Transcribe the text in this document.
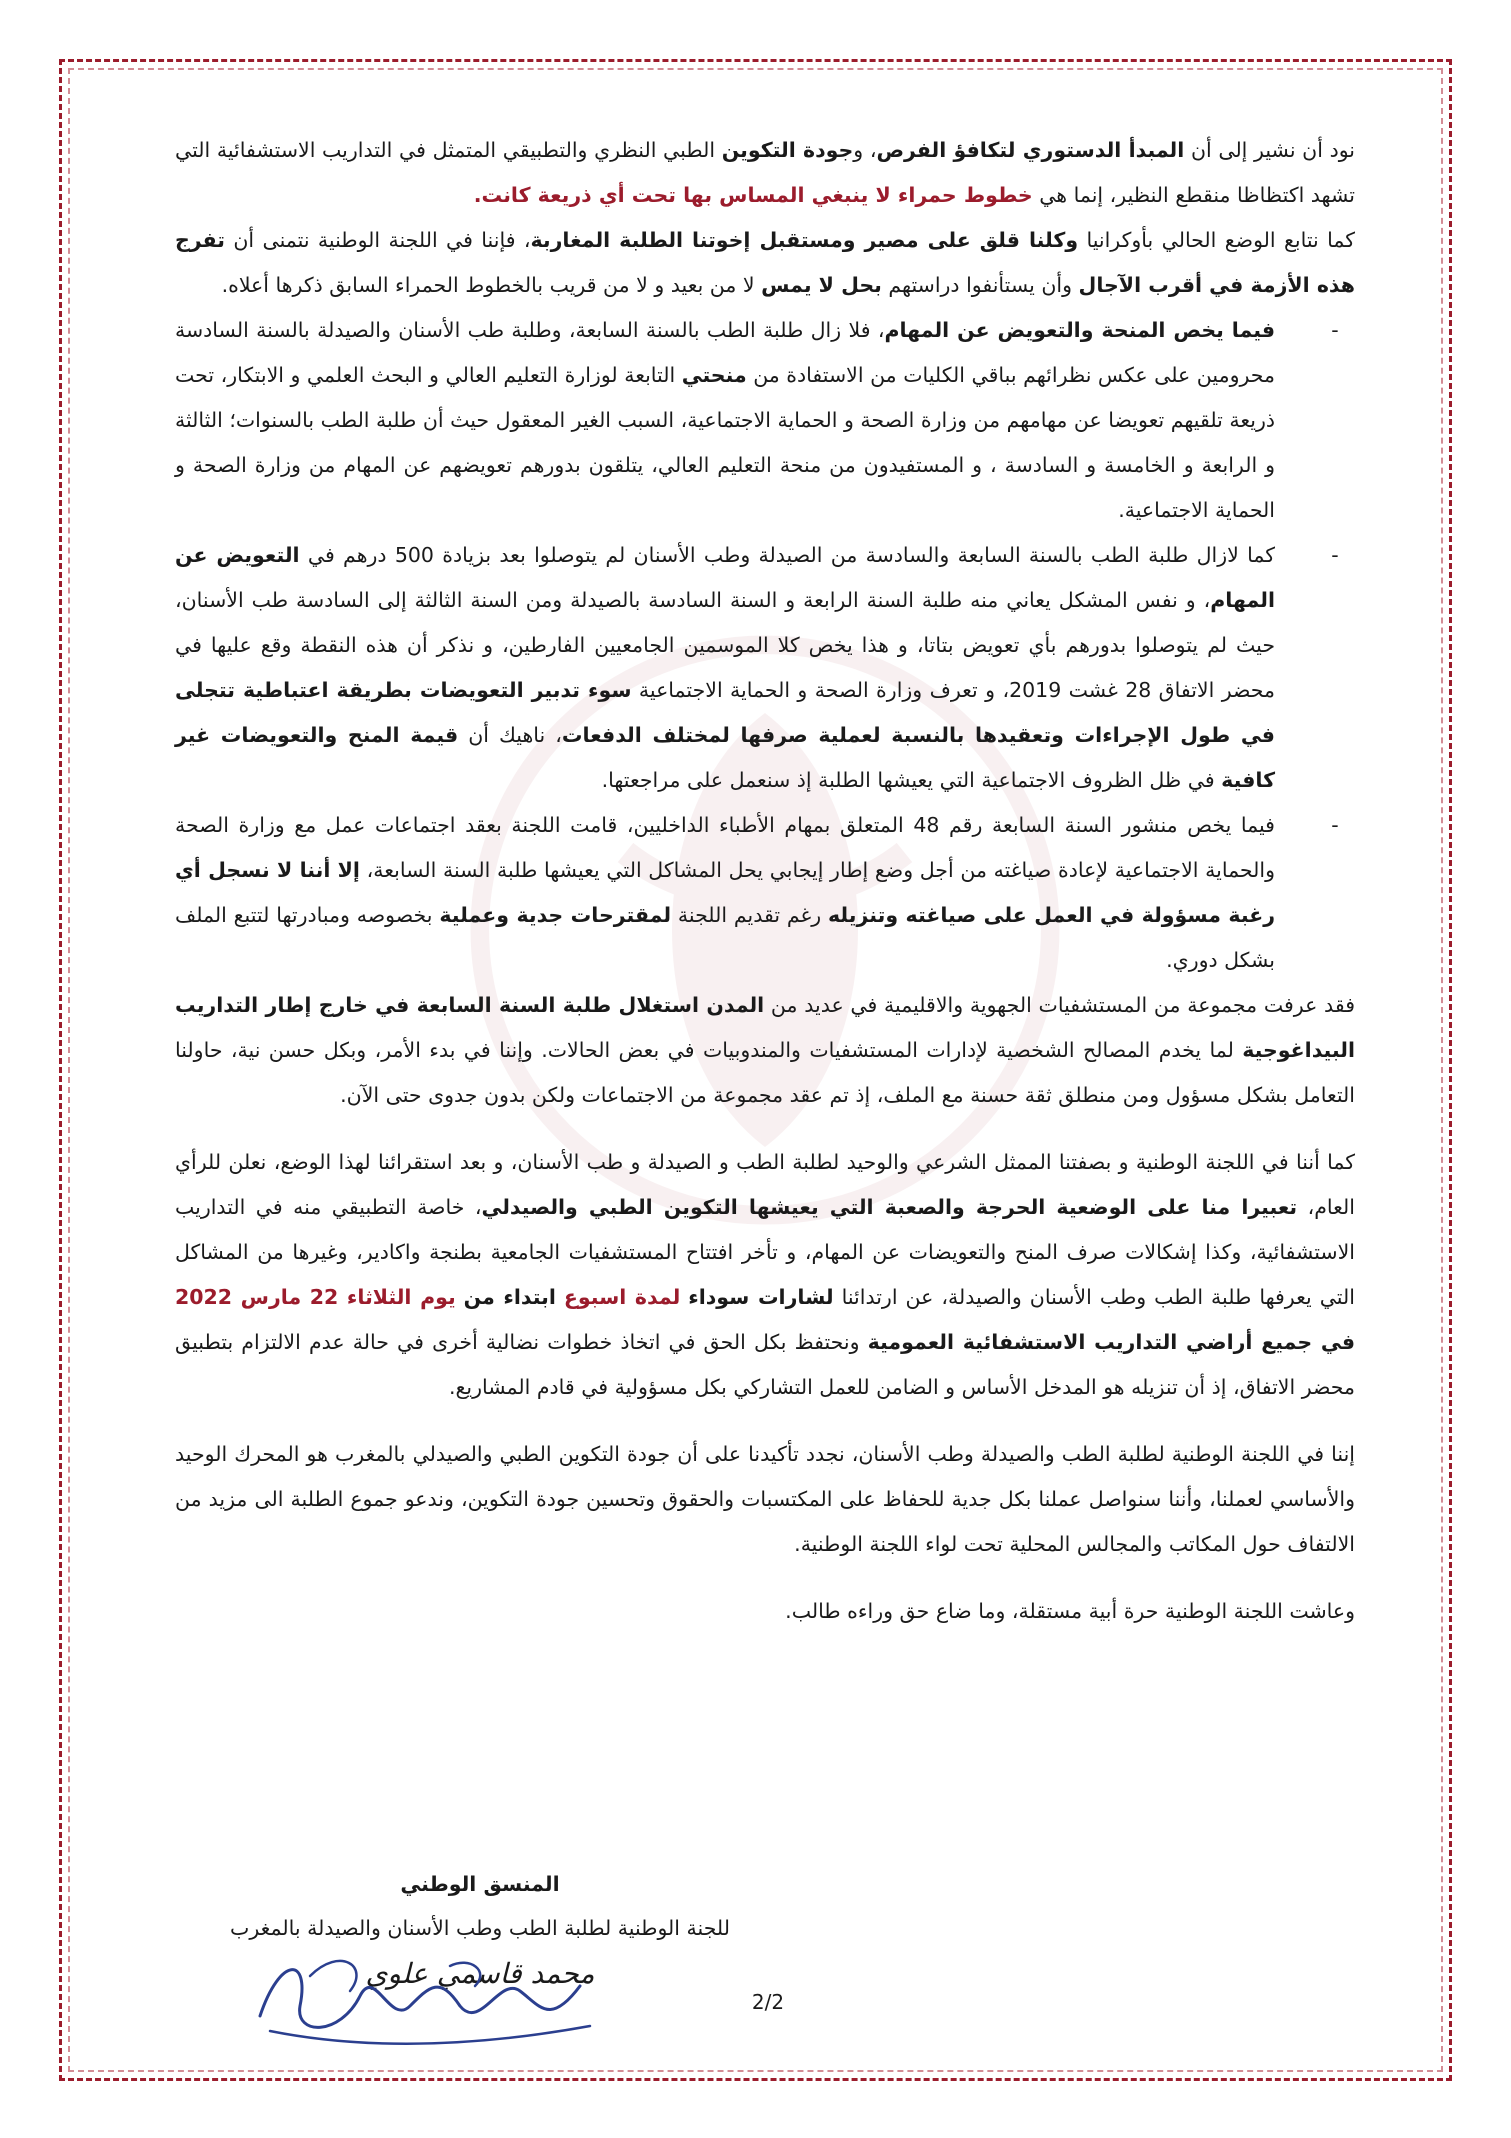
نود أن نشير إلى أن المبدأ الدستوري لتكافؤ الفرص، وجودة التكوين الطبي النظري والتطبيقي المتمثل في التداريب الاستشفائية التي تشهد اكتظاظا منقطع النظير، إنما هي خطوط حمراء لا ينبغي المساس بها تحت أي ذريعة كانت.

كما نتابع الوضع الحالي بأوكرانيا وكلنا قلق على مصير ومستقبل إخوتنا الطلبة المغاربة، فإننا في اللجنة الوطنية نتمنى أن تفرج هذه الأزمة في أقرب الآجال وأن يستأنفوا دراستهم بحل لا يمس لا من بعيد و لا من قريب بالخطوط الحمراء السابق ذكرها أعلاه.

- فيما يخص المنحة والتعويض عن المهام، فلا زال طلبة الطب بالسنة السابعة، وطلبة طب الأسنان والصيدلة بالسنة السادسة محرومين على عكس نظرائهم بباقي الكليات من الاستفادة من منحتي التابعة لوزارة التعليم العالي و البحث العلمي و الابتكار، تحت ذريعة تلقيهم تعويضا عن مهامهم من وزارة الصحة و الحماية الاجتماعية، السبب الغير المعقول حيث أن طلبة الطب بالسنوات؛ الثالثة و الرابعة و الخامسة و السادسة ، و المستفيدون من منحة التعليم العالي، يتلقون بدورهم تعويضهم عن المهام من وزارة الصحة و الحماية الاجتماعية.
- كما لازال طلبة الطب بالسنة السابعة والسادسة من الصيدلة وطب الأسنان لم يتوصلوا بعد بزيادة 500 درهم في التعويض عن المهام، و نفس المشكل يعاني منه طلبة السنة الرابعة و السنة السادسة بالصيدلة ومن السنة الثالثة إلى السادسة طب الأسنان، حيث لم يتوصلوا بدورهم بأي تعويض بتاتا، و هذا يخص كلا الموسمين الجامعيين الفارطين، و نذكر أن هذه النقطة وقع عليها في محضر الاتفاق 28 غشت 2019، و تعرف وزارة الصحة و الحماية الاجتماعية سوء تدبير التعويضات بطريقة اعتباطية تتجلى في طول الإجراءات وتعقيدها بالنسبة لعملية صرفها لمختلف الدفعات، ناهيك أن قيمة المنح والتعويضات غير كافية في ظل الظروف الاجتماعية التي يعيشها الطلبة إذ سنعمل على مراجعتها.
- فيما يخص منشور السنة السابعة رقم 48 المتعلق بمهام الأطباء الداخليين، قامت اللجنة بعقد اجتماعات عمل مع وزارة الصحة والحماية الاجتماعية لإعادة صياغته من أجل وضع إطار إيجابي يحل المشاكل التي يعيشها طلبة السنة السابعة، إلا أننا لا نسجل أي رغبة مسؤولة في العمل على صياغته وتنزيله رغم تقديم اللجنة لمقترحات جدية وعملية بخصوصه ومبادرتها لتتبع الملف بشكل دوري.

فقد عرفت مجموعة من المستشفيات الجهوية والاقليمية في عديد من المدن استغلال طلبة السنة السابعة في خارج إطار التداريب البيداغوجية لما يخدم المصالح الشخصية لإدارات المستشفيات والمندوبيات في بعض الحالات. وإننا في بدء الأمر، وبكل حسن نية، حاولنا التعامل بشكل مسؤول ومن منطلق ثقة حسنة مع الملف، إذ تم عقد مجموعة من الاجتماعات ولكن بدون جدوى حتى الآن.

كما أننا في اللجنة الوطنية و بصفتنا الممثل الشرعي والوحيد لطلبة الطب و الصيدلة و طب الأسنان، و بعد استقرائنا لهذا الوضع، نعلن للرأي العام، تعبيرا منا على الوضعية الحرجة والصعبة التي يعيشها التكوين الطبي والصيدلي، خاصة التطبيقي منه في التداريب الاستشفائية، وكذا إشكالات صرف المنح والتعويضات عن المهام، و تأخر افتتاح المستشفيات الجامعية بطنجة واكادير، وغيرها من المشاكل التي يعرفها طلبة الطب وطب الأسنان والصيدلة، عن ارتدائنا لشارات سوداء لمدة اسبوع ابتداء من يوم الثلاثاء 22 مارس 2022 في جميع أراضي التداريب الاستشفائية العمومية ونحتفظ بكل الحق في اتخاذ خطوات نضالية أخرى في حالة عدم الالتزام بتطبيق محضر الاتفاق، إذ أن تنزيله هو المدخل الأساس و الضامن للعمل التشاركي بكل مسؤولية في قادم المشاريع.

إننا في اللجنة الوطنية لطلبة الطب والصيدلة وطب الأسنان، نجدد تأكيدنا على أن جودة التكوين الطبي والصيدلي بالمغرب هو المحرك الوحيد والأساسي لعملنا، وأننا سنواصل عملنا بكل جدية للحفاظ على المكتسبات والحقوق وتحسين جودة التكوين، وندعو جموع الطلبة الى مزيد من الالتفاف حول المكاتب والمجالس المحلية تحت لواء اللجنة الوطنية.

وعاشت اللجنة الوطنية حرة أبية مستقلة، وما ضاع حق وراءه طالب.

المنسق الوطني
للجنة الوطنية لطلبة الطب وطب الأسنان والصيدلة بالمغرب
محمد قاسمي علوي
2/2
